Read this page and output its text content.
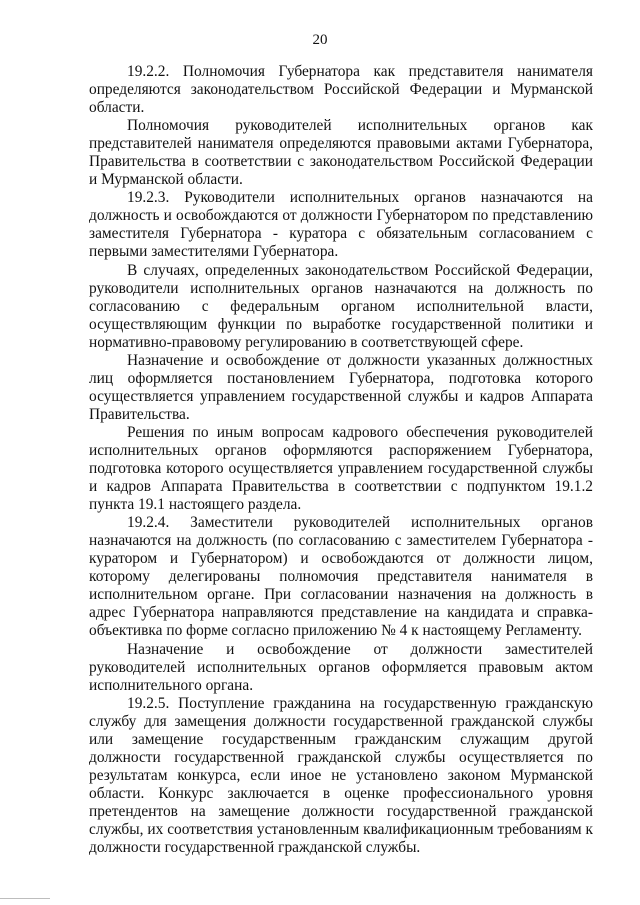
20

19.2.2. Полномочия Губернатора как представителя нанимателя определяются законодательством Российской Федерации и Мурманской области.

Полномочия руководителей исполнительных органов как представителей нанимателя определяются правовыми актами Губернатора, Правительства в соответствии с законодательством Российской Федерации и Мурманской области.

19.2.3. Руководители исполнительных органов назначаются на должность и освобождаются от должности Губернатором по представлению заместителя Губернатора - куратора с обязательным согласованием с первыми заместителями Губернатора.

В случаях, определенных законодательством Российской Федерации, руководители исполнительных органов назначаются на должность по согласованию с федеральным органом исполнительной власти, осуществляющим функции по выработке государственной политики и нормативно-правовому регулированию в соответствующей сфере.

Назначение и освобождение от должности указанных должностных лиц оформляется постановлением Губернатора, подготовка которого осуществляется управлением государственной службы и кадров Аппарата Правительства.

Решения по иным вопросам кадрового обеспечения руководителей исполнительных органов оформляются распоряжением Губернатора, подготовка которого осуществляется управлением государственной службы и кадров Аппарата Правительства в соответствии с подпунктом 19.1.2 пункта 19.1 настоящего раздела.

19.2.4. Заместители руководителей исполнительных органов назначаются на должность (по согласованию с заместителем Губернатора - куратором и Губернатором) и освобождаются от должности лицом, которому делегированы полномочия представителя нанимателя в исполнительном органе. При согласовании назначения на должность в адрес Губернатора направляются представление на кандидата и справка-объективка по форме согласно приложению № 4 к настоящему Регламенту.

Назначение и освобождение от должности заместителей руководителей исполнительных органов оформляется правовым актом исполнительного органа.

19.2.5. Поступление гражданина на государственную гражданскую службу для замещения должности государственной гражданской службы или замещение государственным гражданским служащим другой должности государственной гражданской службы осуществляется по результатам конкурса, если иное не установлено законом Мурманской области. Конкурс заключается в оценке профессионального уровня претендентов на замещение должности государственной гражданской службы, их соответствия установленным квалификационным требованиям к должности государственной гражданской службы.
